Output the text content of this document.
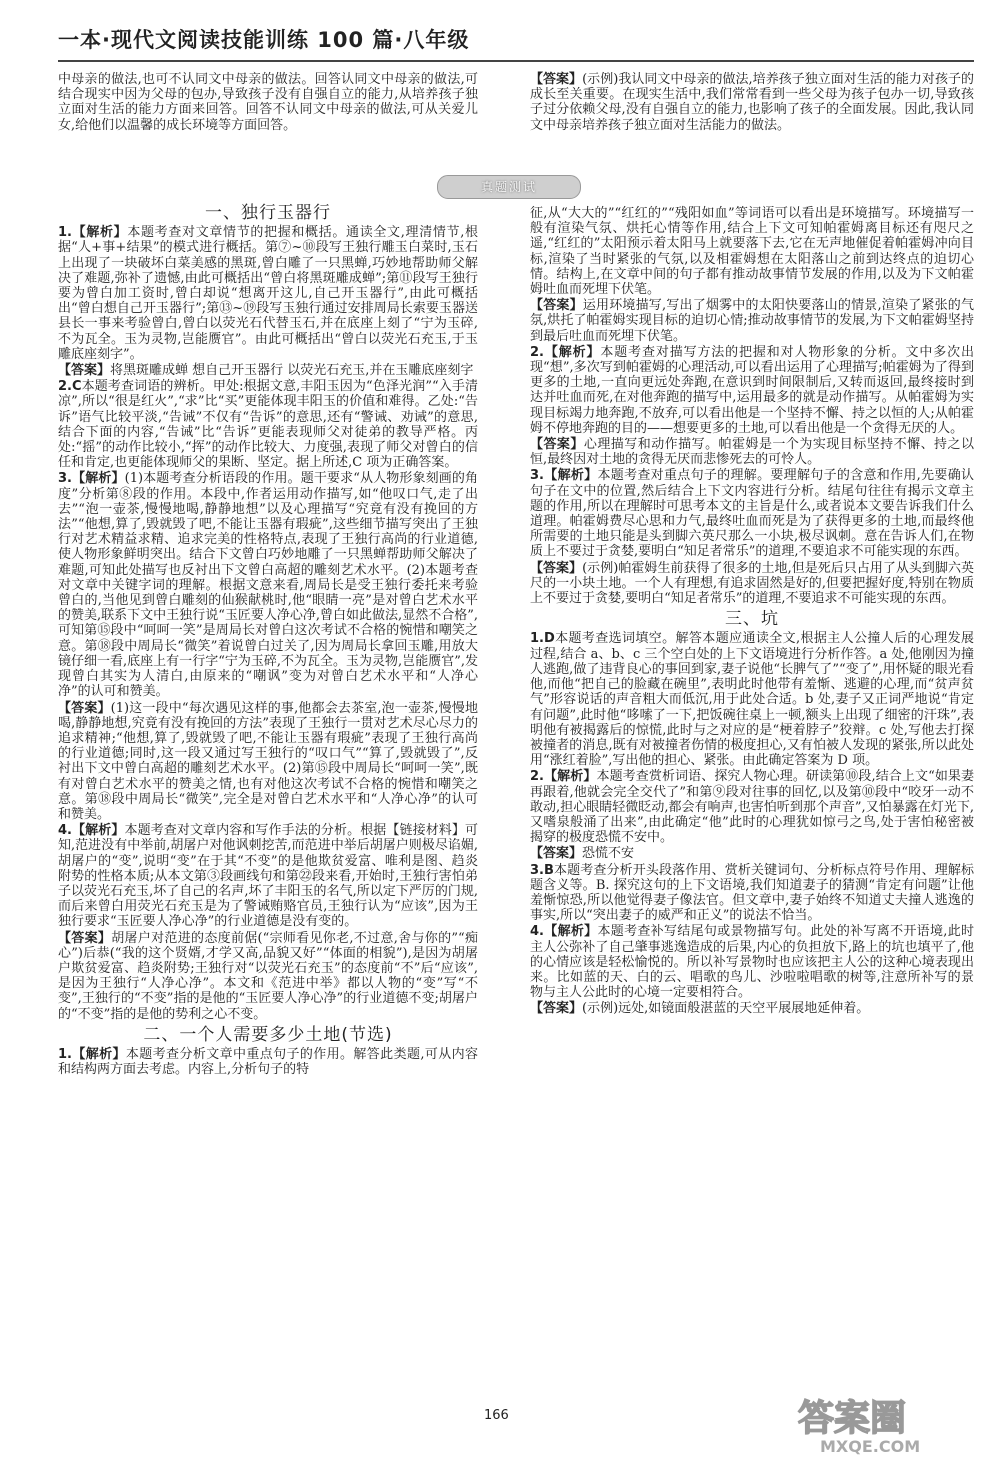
一本·现代文阅读技能训练 100 篇·八年级

中母亲的做法,也可不认同文中母亲的做法。回答认同文中母亲的做法,可结合现实中因为父母的包办,导致孩子没有自强自立的能力,从培养孩子独立面对生活的能力方面来回答。回答不认同文中母亲的做法,可从关爱儿女,给他们以温馨的成长环境等方面回答。

【答案】(示例)我认同文中母亲的做法,培养孩子独立面对生活的能力对孩子的成长至关重要。在现实生活中,我们常常看到一些父母为孩子包办一切,导致孩子过分依赖父母,没有自强自立的能力,也影响了孩子的全面发展。因此,我认同文中母亲培养孩子独立面对生活能力的做法。

真题测试
一、独行玉器行

1.【解析】本题考查对文章情节的把握和概括。通读全文,理清情节,根据“人+事+结果”的模式进行概括。第⑦~⑩段写王独行雕玉白菜时,玉石上出现了一块破坏白菜美感的黑斑,曾白雕了一只黑蝉,巧妙地帮助师父解决了难题,弥补了遗憾,由此可概括出“曾白将黑斑雕成蝉”;第⑪段写王独行要为曾白加工资时,曾白却说“想离开这儿,自己开玉器行”,由此可概括出“曾白想自己开玉器行”;第⑬~⑲段写玉独行通过安排周局长索要玉器送县长一事来考验曾白,曾白以荧光石代替玉石,并在底座上刻了“宁为玉碎,不为瓦全。玉为灵物,岂能赝官”。由此可概括出“曾白以荧光石充玉,于玉雕底座刻字”。

【答案】将黑斑雕成蝉 想自己开玉器行 以荧光石充玉,并在玉雕底座刻字

2.C本题考查词语的辨析。甲处:根据文意,丰阳玉因为“色泽光润”“入手清凉”,所以“很是红火”,“求”比“买”更能体现丰阳玉的价值和难得。乙处:“告诉”语气比较平淡,“告诫”不仅有“告诉”的意思,还有“警诫、劝诫”的意思,结合下面的内容,“告诫”比“告诉”更能表现师父对徒弟的教导严格。丙处:“摇”的动作比较小,“挥”的动作比较大、力度强,表现了师父对曾白的信任和肯定,也更能体现师父的果断、坚定。据上所述,C 项为正确答案。

3.【解析】(1)本题考查分析语段的作用。题干要求“从人物形象刻画的角度”分析第⑧段的作用。本段中,作者运用动作描写,如“他叹口气,走了出去”“泡一壶茶,慢慢地喝,静静地想”以及心理描写“究竟有没有挽回的方法”“他想,算了,毁就毁了吧,不能让玉器有瑕疵”,这些细节描写突出了王独行对艺术精益求精、追求完美的性格特点,表现了王独行高尚的行业道德,使人物形象鲜明突出。结合下文曾白巧妙地雕了一只黑蝉帮助师父解决了难题,可知此处描写也反衬出下文曾白高超的雕刻艺术水平。(2)本题考查对文章中关键字词的理解。根据文意来看,周局长是受王独行委托来考验曾白的,当他见到曾白雕刻的仙猴献桃时,他“眼睛一亮”是对曾白艺术水平的赞美,联系下文中王独行说“玉匠要人净心净,曾白如此做法,显然不合格”,可知第⑮段中“呵呵一笑”是周局长对曾白这次考试不合格的惋惜和嘲笑之意。第⑱段中周局长“微笑”着说曾白过关了,因为周局长拿回玉雕,用放大镜仔细一看,底座上有一行字“宁为玉碎,不为瓦全。玉为灵物,岂能赝官”,发现曾白其实为人清白,由原来的“嘲讽”变为对曾白艺术水平和“人净心净”的认可和赞美。

【答案】(1)这一段中“每次遇见这样的事,他都会去茶室,泡一壶茶,慢慢地喝,静静地想,究竟有没有挽回的方法”表现了王独行一贯对艺术尽心尽力的追求精神;“他想,算了,毁就毁了吧,不能让玉器有瑕疵”表现了王独行高尚的行业道德;同时,这一段又通过写王独行的“叹口气”“算了,毁就毁了”,反衬出下文中曾白高超的雕刻艺术水平。(2)第⑮段中周局长“呵呵一笑”,既有对曾白艺术水平的赞美之情,也有对他这次考试不合格的惋惜和嘲笑之意。第⑱段中周局长“微笑”,完全是对曾白艺术水平和“人净心净”的认可和赞美。

4.【解析】本题考查对文章内容和写作手法的分析。根据【链接材料】可知,范进没有中举前,胡屠户对他讽刺挖苦,而范进中举后胡屠户则极尽谄媚,胡屠户的“变”,说明“变”在于其“不变”的是他欺贫爱富、唯利是图、趋炎附势的性格本质;从本文第③段画线句和第㉒段来看,开始时,王独行害怕弟子以荧光石充玉,坏了自己的名声,坏了丰阳玉的名气,所以定下严厉的门规,而后来曾白用荧光石充玉是为了警诫贿赂官员,王独行认为“应该”,因为王独行要求“玉匠要人净心净”的行业道德是没有变的。

【答案】胡屠户对范进的态度前倨(“宗师看见你老,不过意,舍与你的”“痴心”)后恭(“我的这个贤婿,才学又高,品貌又好”“体面的相貌”),是因为胡屠户欺贫爱富、趋炎附势;王独行对“以荧光石充玉”的态度前“不”后“应该”,是因为王独行“人净心净”。本文和《范进中举》都以人物的“变”写“不变”,王独行的“不变”指的是他的“玉匠要人净心净”的行业道德不变;胡屠户的“不变”指的是他的势利之心不变。

二、一个人需要多少土地(节选)

1.【解析】本题考查分析文章中重点句子的作用。解答此类题,可从内容和结构两方面去考虑。内容上,分析句子的特

征,从“大大的”“红红的”“残阳如血”等词语可以看出是环境描写。环境描写一般有渲染气氛、烘托心情等作用,结合上下文可知帕霍姆离目标还有咫尺之遥,“红红的”太阳预示着太阳马上就要落下去,它在无声地催促着帕霍姆冲向目标,渲染了当时紧张的气氛,以及相霍姆想在太阳落山之前到达终点的迫切心情。结构上,在文章中间的句子都有推动故事情节发展的作用,以及为下文帕霍姆吐血而死埋下伏笔。

【答案】运用环境描写,写出了烟雾中的太阳快要落山的情景,渲染了紧张的气氛,烘托了帕霍姆实现目标的迫切心情;推动故事情节的发展,为下文帕霍姆坚持到最后吐血而死埋下伏笔。

2.【解析】本题考查对描写方法的把握和对人物形象的分析。文中多次出现“想”,多次写到帕霍姆的心理活动,可以看出运用了心理描写;帕霍姆为了得到更多的土地,一直向更远处奔跑,在意识到时间限制后,又转而返回,最终接时到达并吐血而死,在对他奔跑的描写中,运用最多的就是动作描写。从帕霍姆为实现目标竭力地奔跑,不放弃,可以看出他是一个坚持不懈、持之以恒的人;从帕霍姆不停地奔跑的目的——想要更多的土地,可以看出他是一个贪得无厌的人。

【答案】心理描写和动作描写。帕霍姆是一个为实现目标坚持不懈、持之以恒,最终因对土地的贪得无厌而悲惨死去的可怜人。

3.【解析】本题考查对重点句子的理解。要理解句子的含意和作用,先要确认句子在文中的位置,然后结合上下文内容进行分析。结尾句往往有揭示文章主题的作用,所以在理解时可思考本文的主旨是什么,或者说本文要告诉我们什么道理。帕霍姆费尽心思和力气,最终吐血而死是为了获得更多的土地,而最终他所需要的土地只能是头到脚六英尺那么一小块,极尽讽刺。意在告诉人们,在物质上不要过于贪婪,要明白“知足者常乐”的道理,不要追求不可能实现的东西。

【答案】(示例)帕霍姆生前获得了很多的土地,但是死后只占用了从头到脚六英尺的一小块土地。一个人有理想,有追求固然是好的,但要把握好度,特别在物质上不要过于贪婪,要明白“知足者常乐”的道理,不要追求不可能实现的东西。

三、坑

1.D本题考查选词填空。解答本题应通读全文,根据主人公撞人后的心理发展过程,结合 a、b、c 三个空白处的上下文语境进行分析作答。a 处,他刚因为撞人逃跑,做了违背良心的事回到家,妻子说他“长脾气了”“变了”,用怀疑的眼光看他,而他“把自己的脸藏在碗里”,表明此时他带有羞惭、逃避的心理,而“贫声贫气”形容说话的声音粗大而低沉,用于此处合适。b 处,妻子又正词严地说“肯定有问题”,此时他“哆嗦了一下,把饭碗往桌上一顿,额头上出现了细密的汗珠”,表明他有被揭露后的惊慌,此时与之对应的是“梗着脖子”狡辩。c 处,写他去打探被撞者的消息,既有对被撞者伤情的极度担心,又有怕被人发现的紧张,所以此处用“涨红着脸”,写出他的担心、紧张。由此确定答案为 D 项。

2.【解析】本题考查赏析词语、探究人物心理。研读第⑩段,结合上文“如果妻再跟着,他就会完全交代了”和第⑨段对往事的回忆,以及第⑩段中“咬牙一动不敢动,担心眼睛轻微眨动,都会有响声,也害怕听到那个声音”,又怕暴露在灯光下,又嗜泉般涌了出来”,由此确定“他”此时的心理犹如惊弓之鸟,处于害怕秘密被揭穿的极度恐慌不安中。

【答案】恐慌不安

3.B本题考查分析开头段落作用、赏析关键词句、分析标点符号作用、理解标题含义等。B. 探究这句的上下文语境,我们知道妻子的猜测“肯定有问题”让他羞惭惊恐,所以他觉得妻子像法官。但文章中,妻子始终不知道丈夫撞人逃逸的事实,所以“突出妻子的威严和正义”的说法不恰当。

4.【解析】本题考查补写结尾句或景物描写句。此处的补写离不开语境,此时主人公弥补了自己肇事逃逸造成的后果,内心的负担放下,路上的坑也填平了,他的心情应该是轻松愉悦的。所以补写景物时也应该把主人公的这种心境表现出来。比如蓝的天、白的云、唱歌的鸟儿、沙啦啦唱歌的树等,注意所补写的景物与主人公此时的心境一定要相符合。

【答案】(示例)远处,如镜面般湛蓝的天空平展展地延伸着。

166	答案圈
MXQE.COM
